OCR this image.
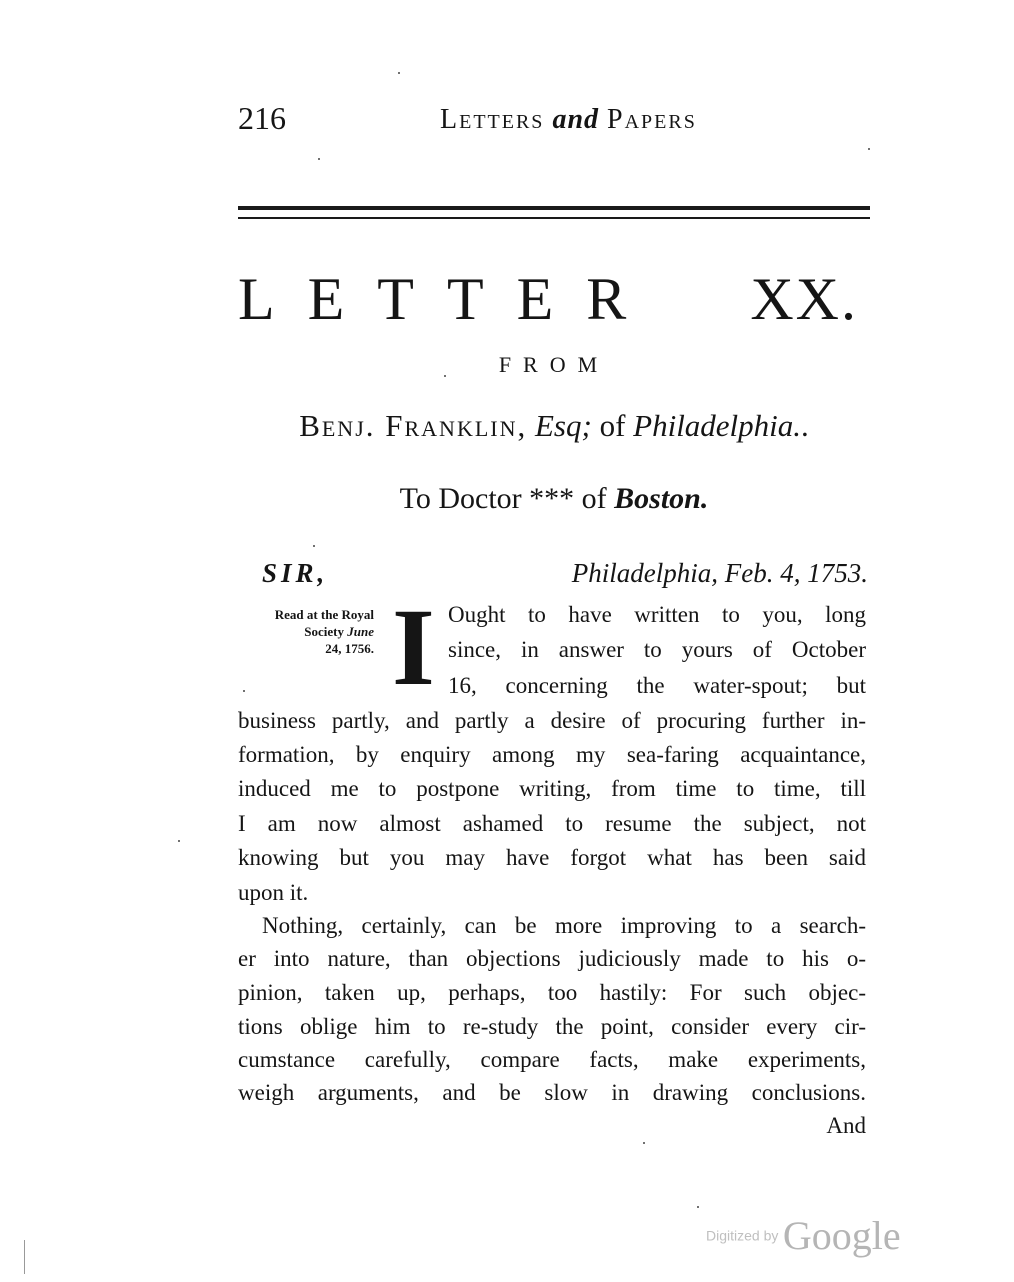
216	Letters and Papers
LETTER XX.
FROM
Benj. Franklin, Esq; of Philadelphia..
To Doctor *** of Boston.
SIR,	Philadelphia, Feb. 4, 1753.
Read at the Royal
Society June
24, 1756. I Ought to have written to you, long
since, in answer to yours of October
16, concerning the water-spout; but
business partly, and partly a desire of procuring further in-
formation, by enquiry among my sea-faring acquaintance,
induced me to postpone writing, from time to time, till
I am now almost ashamed to resume the subject, not
knowing but you may have forgot what has been said
upon it.
Nothing, certainly, can be more improving to a search-
er into nature, than objections judiciously made to his o-
pinion, taken up, perhaps, too hastily: For such objec-
tions oblige him to re-study the point, consider every cir-
cumstance carefully, compare facts, make experiments,
weigh arguments, and be slow in drawing conclusions.
And
Digitized by Google
